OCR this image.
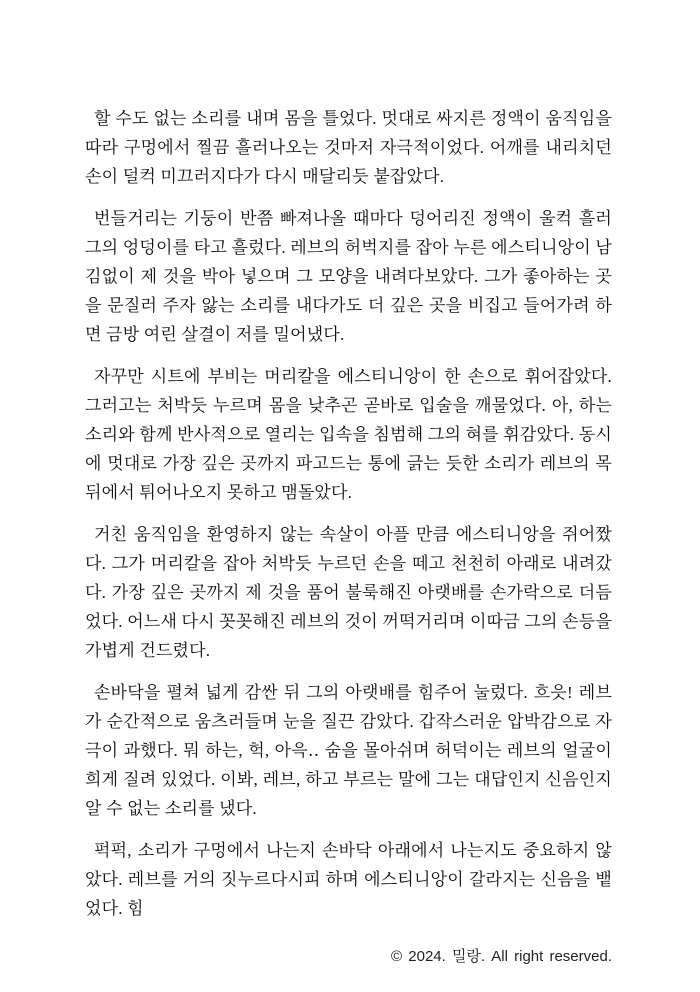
할 수도 없는 소리를 내며 몸을 틀었다. 멋대로 싸지른 정액이 움직임을 따라 구멍에서 찔끔 흘러나오는 것마저 자극적이었다. 어깨를 내리치던 손이 덜컥 미끄러지다가 다시 매달리듯 붙잡았다.

번들거리는 기둥이 반쯤 빠져나올 때마다 덩어리진 정액이 울컥 흘러 그의 엉덩이를 타고 흘렀다. 레브의 허벅지를 잡아 누른 에스티니앙이 남김없이 제 것을 박아 넣으며 그 모양을 내려다보았다. 그가 좋아하는 곳을 문질러 주자 앓는 소리를 내다가도 더 깊은 곳을 비집고 들어가려 하면 금방 여린 살결이 저를 밀어냈다.

자꾸만 시트에 부비는 머리칼을 에스티니앙이 한 손으로 휘어잡았다. 그러고는 처박듯 누르며 몸을 낮추곤 곧바로 입술을 깨물었다. 아, 하는 소리와 함께 반사적으로 열리는 입속을 침범해 그의 혀를 휘감았다. 동시에 멋대로 가장 깊은 곳까지 파고드는 통에 긁는 듯한 소리가 레브의 목 뒤에서 튀어나오지 못하고 맴돌았다.

거친 움직임을 환영하지 않는 속살이 아플 만큼 에스티니앙을 쥐어짰다. 그가 머리칼을 잡아 처박듯 누르던 손을 떼고 천천히 아래로 내려갔다. 가장 깊은 곳까지 제 것을 품어 불룩해진 아랫배를 손가락으로 더듬었다. 어느새 다시 꼿꼿해진 레브의 것이 꺼떡거리며 이따금 그의 손등을 가볍게 건드렸다.

손바닥을 펼쳐 넓게 감싼 뒤 그의 아랫배를 힘주어 눌렀다. 흐읏! 레브가 순간적으로 움츠러들며 눈을 질끈 감았다. 갑작스러운 압박감으로 자극이 과했다. 뭐 하는, 헉, 아윽‥ 숨을 몰아쉬며 허덕이는 레브의 얼굴이 희게 질려 있었다. 이봐, 레브, 하고 부르는 말에 그는 대답인지 신음인지 알 수 없는 소리를 냈다.

퍽퍽, 소리가 구멍에서 나는지 손바닥 아래에서 나는지도 중요하지 않았다. 레브를 거의 짓누르다시피 하며 에스티니앙이 갈라지는 신음을 뱉었다. 힘

© 2024. 밀랑. All right reserved.
